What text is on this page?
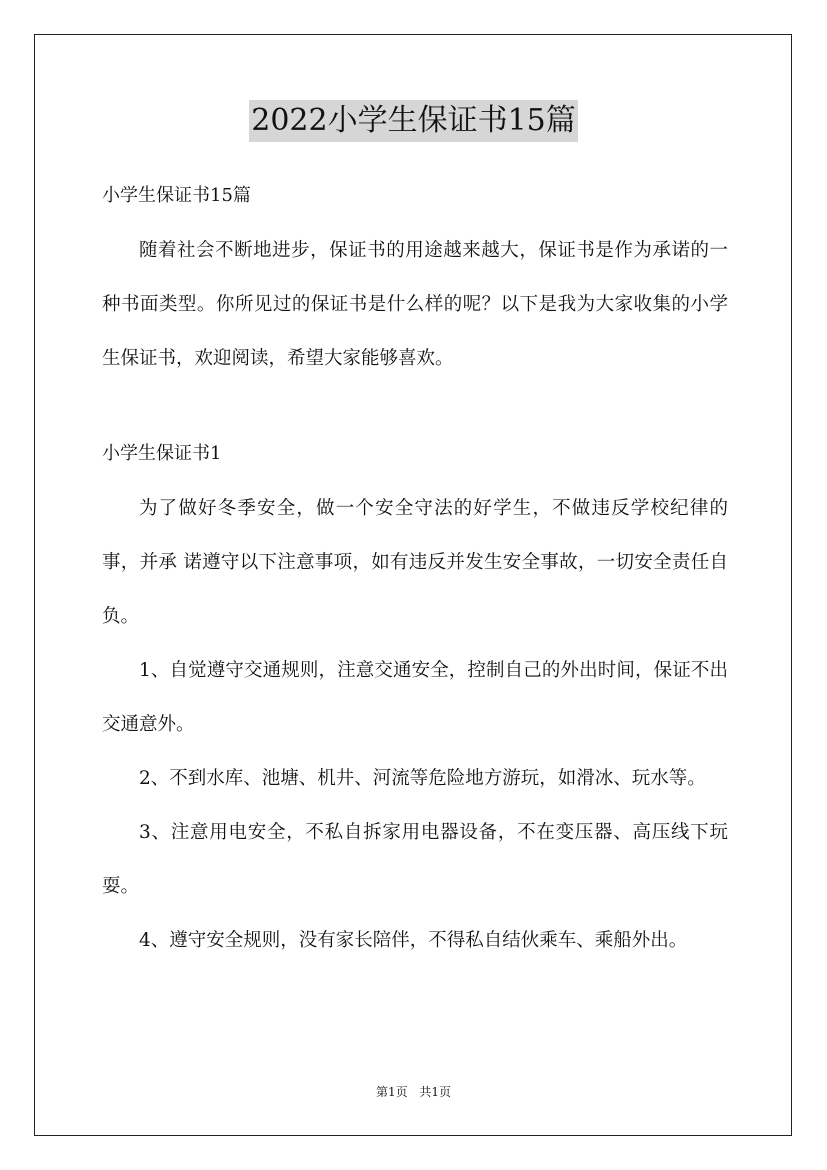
2022小学生保证书15篇

小学生保证书15篇

随着社会不断地进步，保证书的用途越来越大，保证书是作为承诺的一种书面类型。你所见过的保证书是什么样的呢？以下是我为大家收集的小学生保证书，欢迎阅读，希望大家能够喜欢。

小学生保证书1

为了做好冬季安全，做一个安全守法的好学生，不做违反学校纪律的事，并承 诺遵守以下注意事项，如有违反并发生安全事故，一切安全责任自负。

1、自觉遵守交通规则，注意交通安全，控制自己的外出时间，保证不出交通意外。

2、不到水库、池塘、机井、河流等危险地方游玩，如滑冰、玩水等。

3、注意用电安全，不私自拆家用电器设备，不在变压器、高压线下玩耍。

4、遵守安全规则，没有家长陪伴，不得私自结伙乘车、乘船外出。

第1页 共1页
